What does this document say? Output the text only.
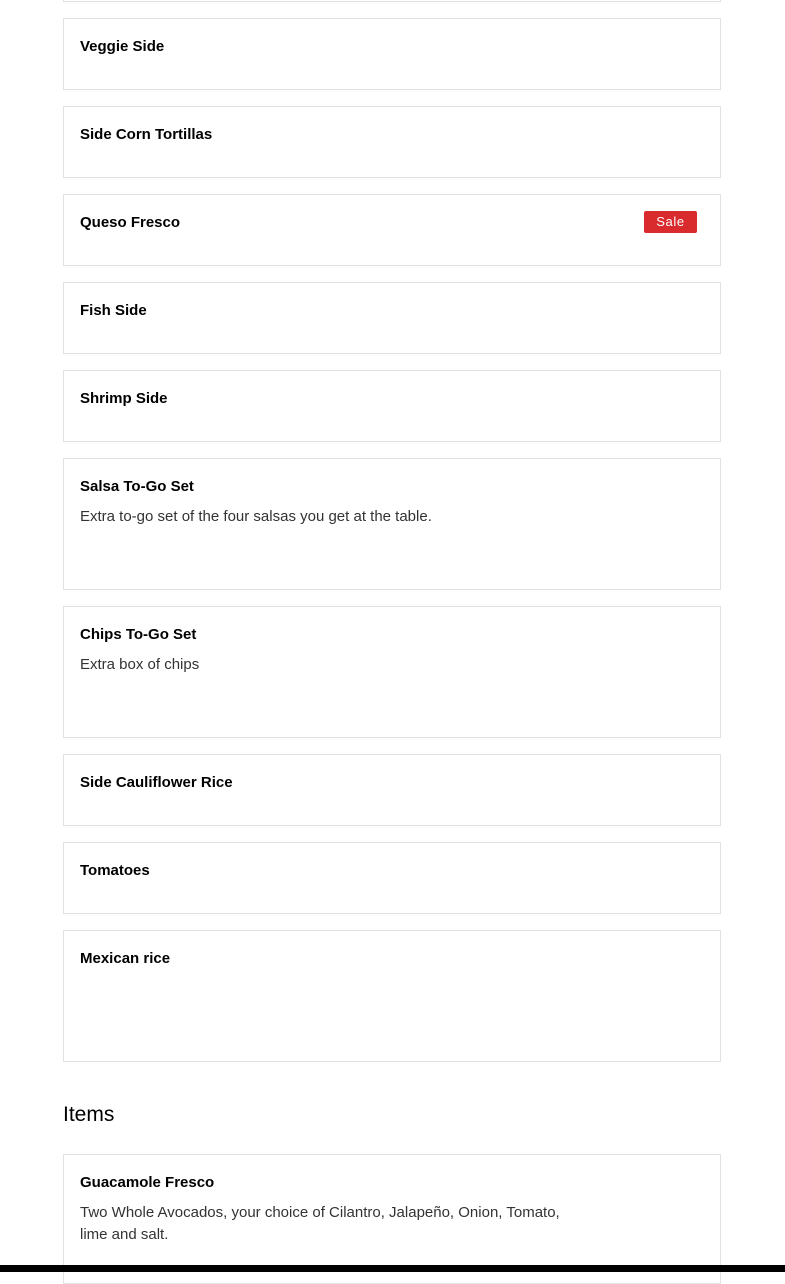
Veggie Side
Side Corn Tortillas
Queso Fresco	Sale
Fish Side
Shrimp Side
Salsa To-Go Set
Extra to-go set of the four salsas you get at the table.
Chips To-Go Set
Extra box of chips
Side Cauliflower Rice
Tomatoes
Mexican rice
Items
Guacamole Fresco
Two Whole Avocados, your choice of Cilantro, Jalapeño, Onion, Tomato, lime and salt.
